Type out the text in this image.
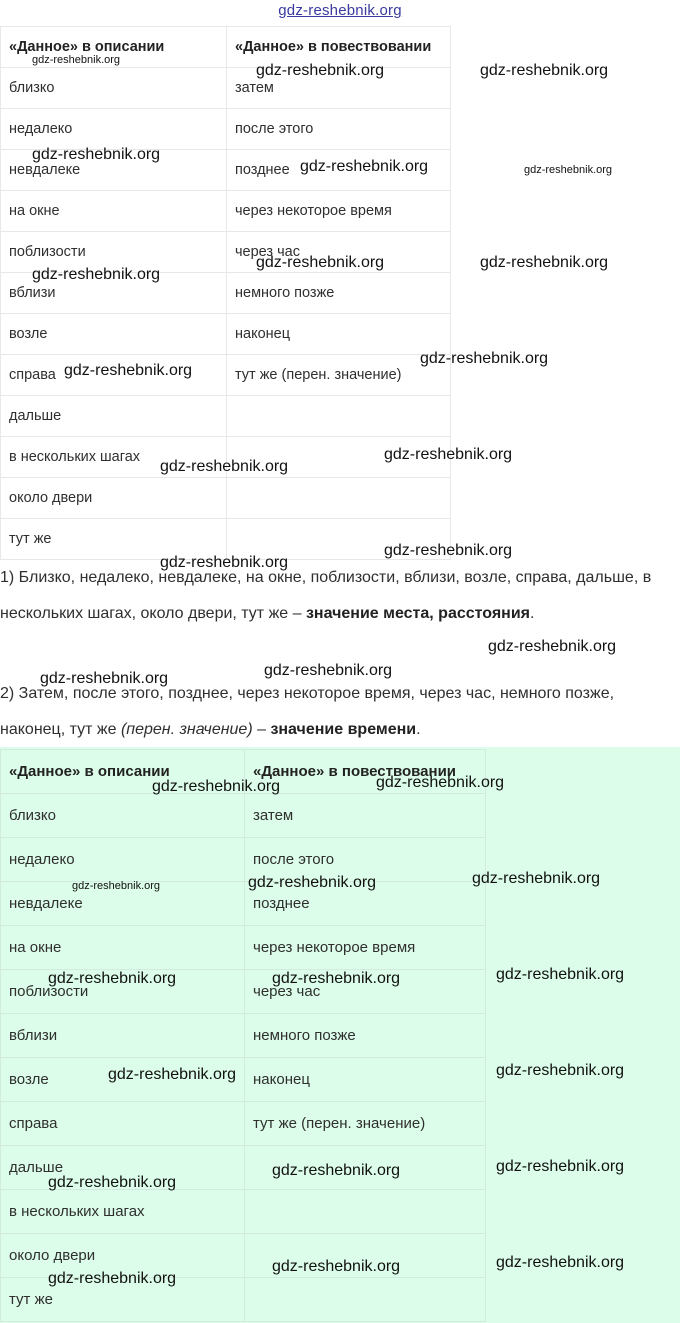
gdz-reshebnik.org
«Данное» в описании	«Данное» в повествовании
близко	затем
недалеко	после этого
невдалеке	позднее
на окне	через некоторое время
поблизости	через час
вблизи	немного позже
возле	наконец
справа	тут же (перен. значение)
дальше	
в нескольких шагах	
около двери	
тут же	
1) Близко, недалеко, невдалеке, на окне, поблизости, вблизи, возле, справа, дальше, в нескольких шагах, около двери, тут же – значение места, расстояния.
2) Затем, после этого, позднее, через некоторое время, через час, немного позже, наконец, тут же (перен. значение) – значение времени.
«Данное» в описании	«Данное» в повествовании
близко	затем
недалеко	после этого
невдалеке	позднее
на окне	через некоторое время
поблизости	через час
вблизи	немного позже
возле	наконец
справа	тут же (перен. значение)
дальше	
в нескольких шагах	
около двери	
тут же	
gdz-reshebnik.org
gdz-reshebnik.org	gdz-reshebnik.org
gdz-reshebnik.org
gdz-reshebnik.org	gdz-reshebnik.org
gdz-reshebnik.org	gdz-reshebnik.org
gdz-reshebnik.org
gdz-reshebnik.org
gdz-reshebnik.org
gdz-reshebnik.org
gdz-reshebnik.org
gdz-reshebnik.org
gdz-reshebnik.org
gdz-reshebnik.org
gdz-reshebnik.org
gdz-reshebnik.org
gdz-reshebnik.org
gdz-reshebnik.org
gdz-reshebnik.org
gdz-reshebnik.org
gdz-reshebnik.org
gdz-reshebnik.org
gdz-reshebnik.org	gdz-reshebnik.org
gdz-reshebnik.org
gdz-reshebnik.org
gdz-reshebnik.org
gdz-reshebnik.org
gdz-reshebnik.org
gdz-reshebnik.org
gdz-reshebnik.org
gdz-reshebnik.org
